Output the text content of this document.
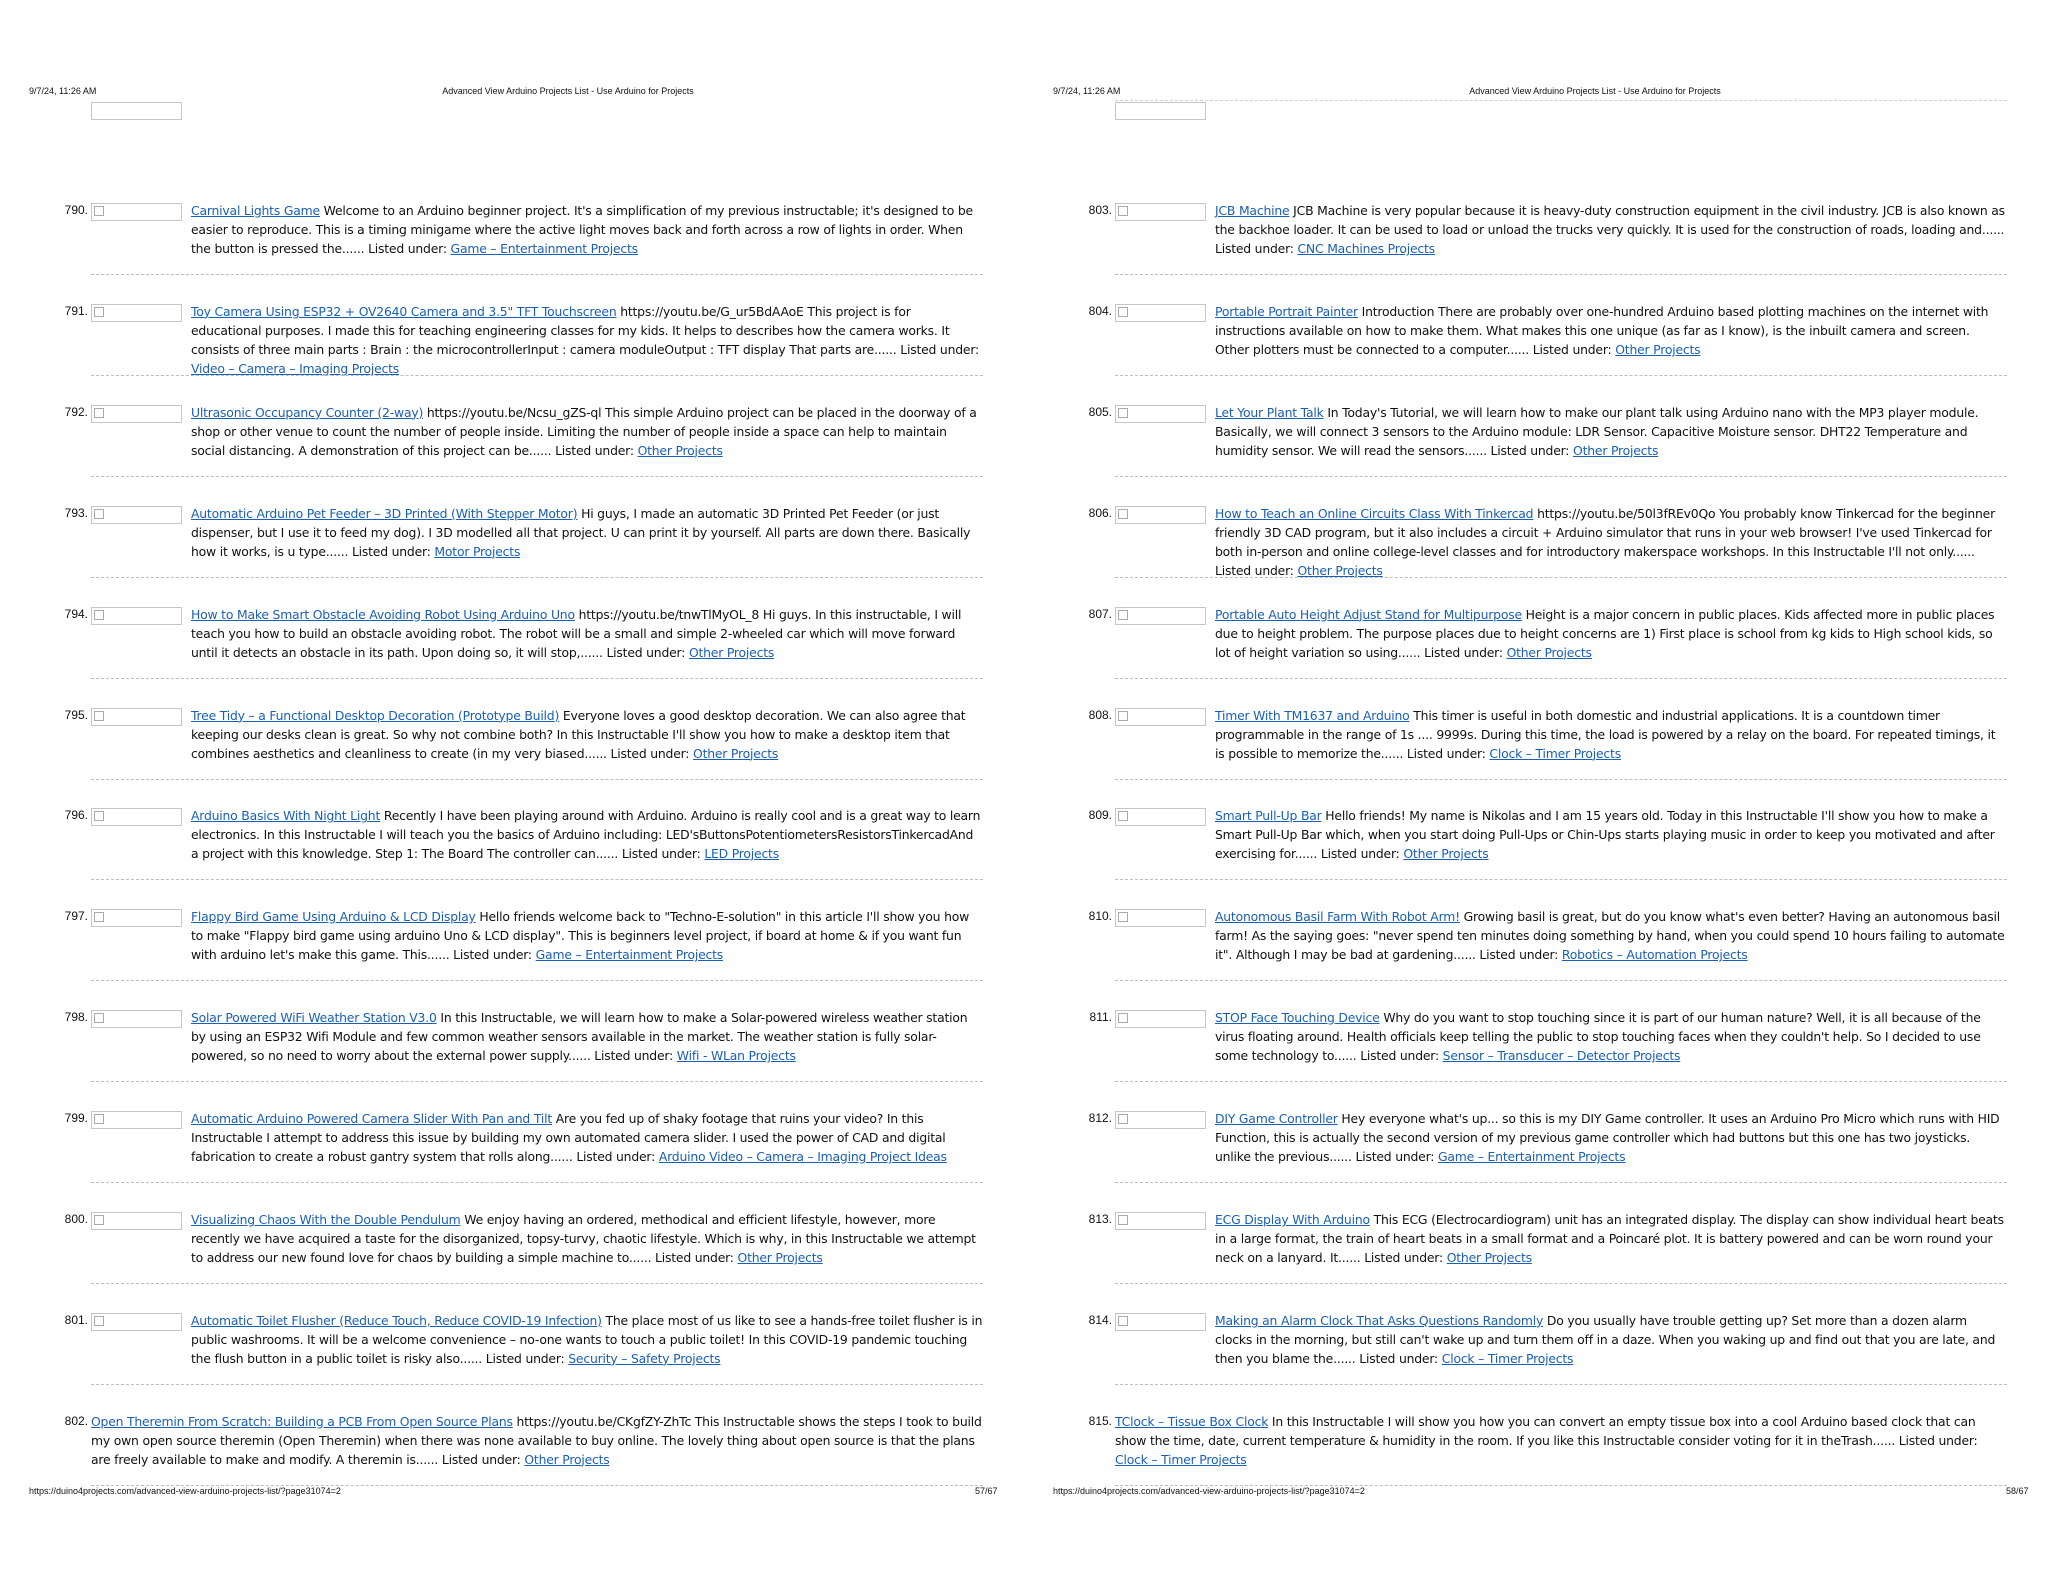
9/7/24, 11:26 AM	Advanced View Arduino Projects List - Use Arduino for Projects
790.	Carnival Lights Game Welcome to an Arduino beginner project. It's a simplification of my previous instructable; it's designed to be easier to reproduce. This is a timing minigame where the active light moves back and forth across a row of lights in order. When the button is pressed the...... Listed under: Game – Entertainment Projects
791.	Toy Camera Using ESP32 + OV2640 Camera and 3.5" TFT Touchscreen https://youtu.be/G_ur5BdAAoE This project is for educational purposes. I made this for teaching engineering classes for my kids. It helps to describes how the camera works. It consists of three main parts : Brain : the microcontrollerInput : camera moduleOutput : TFT display That parts are...... Listed under: Video – Camera – Imaging Projects
792.	Ultrasonic Occupancy Counter (2-way) https://youtu.be/Ncsu_gZS-ql This simple Arduino project can be placed in the doorway of a shop or other venue to count the number of people inside. Limiting the number of people inside a space can help to maintain social distancing. A demonstration of this project can be...... Listed under: Other Projects
793.	Automatic Arduino Pet Feeder – 3D Printed (With Stepper Motor) Hi guys, I made an automatic 3D Printed Pet Feeder (or just dispenser, but I use it to feed my dog). I 3D modelled all that project. U can print it by yourself. All parts are down there. Basically how it works, is u type...... Listed under: Motor Projects
794.	How to Make Smart Obstacle Avoiding Robot Using Arduino Uno https://youtu.be/tnwTlMyOL_8 Hi guys. In this instructable, I will teach you how to build an obstacle avoiding robot. The robot will be a small and simple 2-wheeled car which will move forward until it detects an obstacle in its path. Upon doing so, it will stop,...... Listed under: Other Projects
795.	Tree Tidy – a Functional Desktop Decoration (Prototype Build) Everyone loves a good desktop decoration. We can also agree that keeping our desks clean is great. So why not combine both? In this Instructable I'll show you how to make a desktop item that combines aesthetics and cleanliness to create (in my very biased...... Listed under: Other Projects
796.	Arduino Basics With Night Light Recently I have been playing around with Arduino. Arduino is really cool and is a great way to learn electronics. In this Instructable I will teach you the basics of Arduino including: LED'sButtonsPotentiometersResistorsTinkercadAnd a project with this knowledge. Step 1: The Board The controller can...... Listed under: LED Projects
797.	Flappy Bird Game Using Arduino & LCD Display Hello friends welcome back to "Techno-E-solution" in this article I'll show you how to make "Flappy bird game using arduino Uno & LCD display". This is beginners level project, if board at home & if you want fun with arduino let's make this game. This...... Listed under: Game – Entertainment Projects
798.	Solar Powered WiFi Weather Station V3.0 In this Instructable, we will learn how to make a Solar-powered wireless weather station by using an ESP32 Wifi Module and few common weather sensors available in the market. The weather station is fully solar-powered, so no need to worry about the external power supply...... Listed under: Wifi - WLan Projects
799.	Automatic Arduino Powered Camera Slider With Pan and Tilt Are you fed up of shaky footage that ruins your video? In this Instructable I attempt to address this issue by building my own automated camera slider. I used the power of CAD and digital fabrication to create a robust gantry system that rolls along...... Listed under: Arduino Video – Camera – Imaging Project Ideas
800.	Visualizing Chaos With the Double Pendulum We enjoy having an ordered, methodical and efficient lifestyle, however, more recently we have acquired a taste for the disorganized, topsy-turvy, chaotic lifestyle. Which is why, in this Instructable we attempt to address our new found love for chaos by building a simple machine to...... Listed under: Other Projects
801.	Automatic Toilet Flusher (Reduce Touch, Reduce COVID-19 Infection) The place most of us like to see a hands-free toilet flusher is in public washrooms. It will be a welcome convenience – no-one wants to touch a public toilet! In this COVID-19 pandemic touching the flush button in a public toilet is risky also...... Listed under: Security – Safety Projects
802. Open Theremin From Scratch: Building a PCB From Open Source Plans https://youtu.be/CKgfZY-ZhTc This Instructable shows the steps I took to build my own open source theremin (Open Theremin) when there was none available to buy online. The lovely thing about open source is that the plans are freely available to make and modify. A theremin is...... Listed under: Other Projects
https://duino4projects.com/advanced-view-arduino-projects-list/?page31074=2	57/67
9/7/24, 11:26 AM	Advanced View Arduino Projects List - Use Arduino for Projects
803.	JCB Machine JCB Machine is very popular because it is heavy-duty construction equipment in the civil industry. JCB is also known as the backhoe loader. It can be used to load or unload the trucks very quickly. It is used for the construction of roads, loading and...... Listed under: CNC Machines Projects
804.	Portable Portrait Painter Introduction There are probably over one-hundred Arduino based plotting machines on the internet with instructions available on how to make them. What makes this one unique (as far as I know), is the inbuilt camera and screen. Other plotters must be connected to a computer...... Listed under: Other Projects
805.	Let Your Plant Talk In Today's Tutorial, we will learn how to make our plant talk using Arduino nano with the MP3 player module. Basically, we will connect 3 sensors to the Arduino module: LDR Sensor. Capacitive Moisture sensor. DHT22 Temperature and humidity sensor. We will read the sensors...... Listed under: Other Projects
806.	How to Teach an Online Circuits Class With Tinkercad https://youtu.be/50l3fREv0Qo You probably know Tinkercad for the beginner friendly 3D CAD program, but it also includes a circuit + Arduino simulator that runs in your web browser! I've used Tinkercad for both in-person and online college-level classes and for introductory makerspace workshops. In this Instructable I'll not only...... Listed under: Other Projects
807.	Portable Auto Height Adjust Stand for Multipurpose Height is a major concern in public places. Kids affected more in public places due to height problem. The purpose places due to height concerns are 1) First place is school from kg kids to High school kids, so lot of height variation so using...... Listed under: Other Projects
808.	Timer With TM1637 and Arduino This timer is useful in both domestic and industrial applications. It is a countdown timer programmable in the range of 1s .... 9999s. During this time, the load is powered by a relay on the board. For repeated timings, it is possible to memorize the...... Listed under: Clock – Timer Projects
809.	Smart Pull-Up Bar Hello friends! My name is Nikolas and I am 15 years old. Today in this Instructable I'll show you how to make a Smart Pull-Up Bar which, when you start doing Pull-Ups or Chin-Ups starts playing music in order to keep you motivated and after exercising for...... Listed under: Other Projects
810.	Autonomous Basil Farm With Robot Arm! Growing basil is great, but do you know what's even better? Having an autonomous basil farm! As the saying goes: "never spend ten minutes doing something by hand, when you could spend 10 hours failing to automate it". Although I may be bad at gardening...... Listed under: Robotics – Automation Projects
811.	STOP Face Touching Device Why do you want to stop touching since it is part of our human nature? Well, it is all because of the virus floating around. Health officials keep telling the public to stop touching faces when they couldn't help. So I decided to use some technology to...... Listed under: Sensor – Transducer – Detector Projects
812.	DIY Game Controller Hey everyone what's up... so this is my DIY Game controller. It uses an Arduino Pro Micro which runs with HID Function, this is actually the second version of my previous game controller which had buttons but this one has two joysticks. unlike the previous...... Listed under: Game – Entertainment Projects
813.	ECG Display With Arduino This ECG (Electrocardiogram) unit has an integrated display. The display can show individual heart beats in a large format, the train of heart beats in a small format and a Poincaré plot. It is battery powered and can be worn round your neck on a lanyard. It...... Listed under: Other Projects
814.	Making an Alarm Clock That Asks Questions Randomly Do you usually have trouble getting up? Set more than a dozen alarm clocks in the morning, but still can't wake up and turn them off in a daze. When you waking up and find out that you are late, and then you blame the...... Listed under: Clock – Timer Projects
815. TClock – Tissue Box Clock In this Instructable I will show you how you can convert an empty tissue box into a cool Arduino based clock that can show the time, date, current temperature & humidity in the room. If you like this Instructable consider voting for it in theTrash...... Listed under: Clock – Timer Projects
https://duino4projects.com/advanced-view-arduino-projects-list/?page31074=2	58/67
